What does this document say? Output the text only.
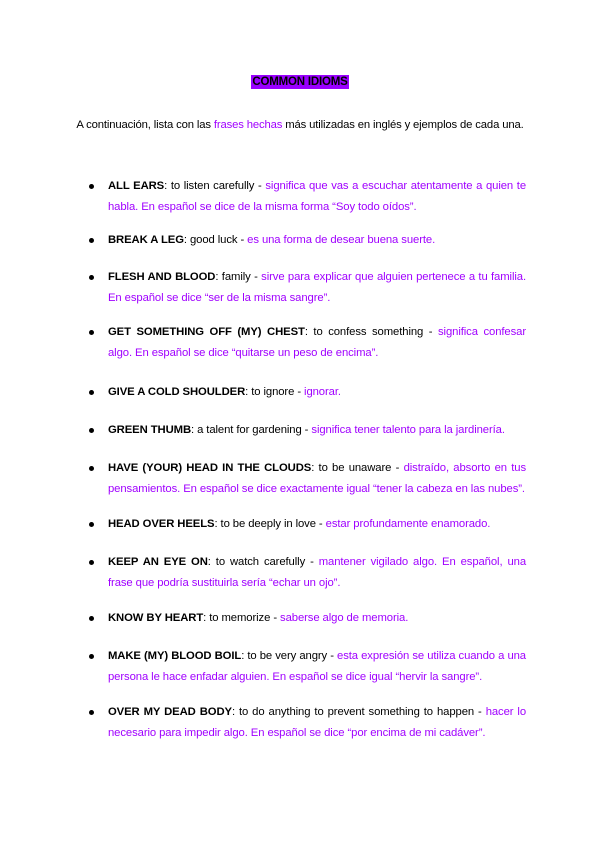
COMMON IDIOMS
A continuación, lista con las frases hechas más utilizadas en inglés y ejemplos de cada una.
ALL EARS: to listen carefully - significa que vas a escuchar atentamente a quien te habla. En español se dice de la misma forma “Soy todo oídos”.
BREAK A LEG: good luck - es una forma de desear buena suerte.
FLESH AND BLOOD: family - sirve para explicar que alguien pertenece a tu familia. En español se dice “ser de la misma sangre”.
GET SOMETHING OFF (MY) CHEST: to confess something - significa confesar algo. En español se dice “quitarse un peso de encima”.
GIVE A COLD SHOULDER: to ignore - ignorar.
GREEN THUMB: a talent for gardening - significa tener talento para la jardinería.
HAVE (YOUR) HEAD IN THE CLOUDS: to be unaware - distraído, absorto en tus pensamientos. En español se dice exactamente igual “tener la cabeza en las nubes”.
HEAD OVER HEELS: to be deeply in love - estar profundamente enamorado.
KEEP AN EYE ON: to watch carefully - mantener vigilado algo. En español, una frase que podría sustituirla sería “echar un ojo”.
KNOW BY HEART: to memorize - saberse algo de memoria.
MAKE (MY) BLOOD BOIL: to be very angry - esta expresión se utiliza cuando a una persona le hace enfadar alguien. En español se dice igual “hervir la sangre”.
OVER MY DEAD BODY: to do anything to prevent something to happen - hacer lo necesario para impedir algo. En español se dice “por encima de mi cadáver”.
